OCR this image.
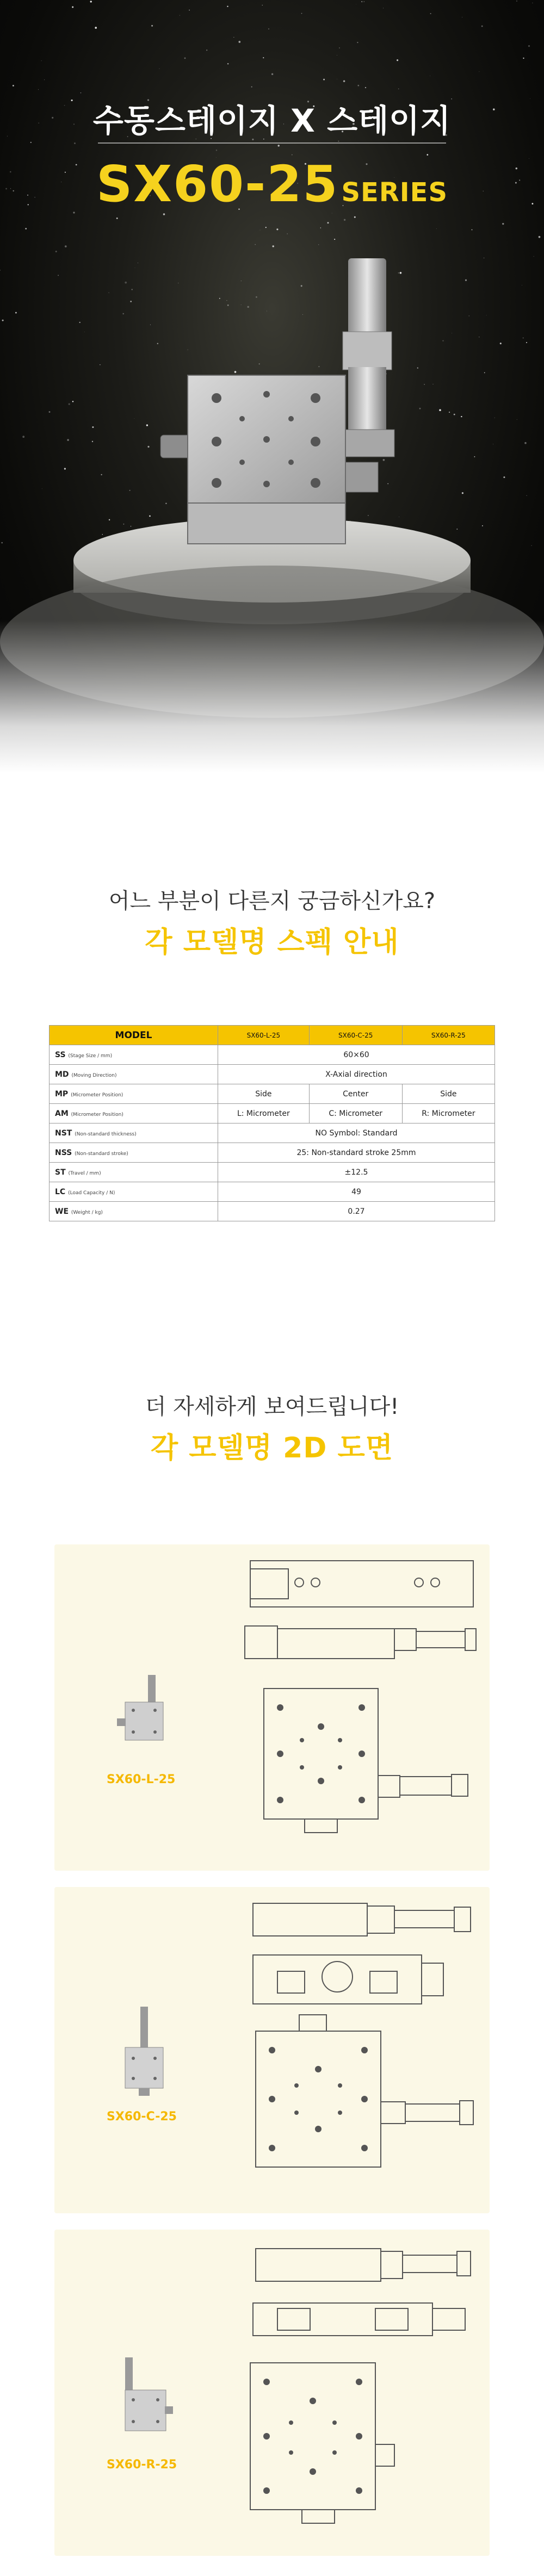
수동스테이지 X 스테이지
SX60-25 SERIES
어느 부분이 다른지 궁금하신가요?
각 모델명 스펙 안내
MODEL	SX60-L-25	SX60-C-25	SX60-R-25
SS (Stage Size / mm)	60×60		
MD (Moving Direction)	X-Axial direction		
MP (Micrometer Position)	Side	Center	Side
AM (Micrometer Position)	L: Micrometer	C: Micrometer	R: Micrometer
NST (Non-standard thickness)	NO Symbol: Standard		
NSS (Non-standard stroke)	25: Non-standard stroke 25mm		
ST (Travel / mm)	±12.5		
LC (Load Capacity / N)	49		
WE (Weight / kg)	0.27		
더 자세하게 보여드립니다!
각 모델명 2D 도면
SX60-L-25
SX60-C-25
SX60-R-25
